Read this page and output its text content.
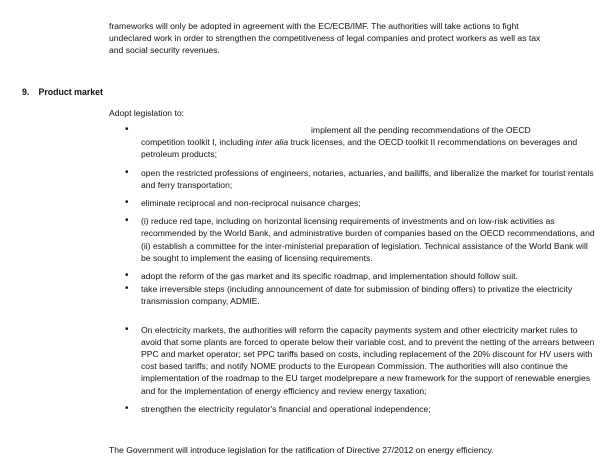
frameworks will only be adopted in agreement with the EC/ECB/IMF. The authorities will take actions to fight

undeclared work in order to strengthen the competitiveness of legal companies and protect workers as well as tax

and social security revenues.

9. Product market
Adopt legislation to:
•	implement all the pending recommendations of the OECD
competition toolkit I, including inter alia truck licenses, and the OECD toolkit II recommendations on beverages and petroleum products;
• open the restricted professions of engineers, notaries, actuaries, and bailiffs, and liberalize the market for tourist rentals and ferry transportation;
• eliminate reciprocal and non-reciprocal nuisance charges;
• (i) reduce red tape, including on horizontal licensing requirements of investments and on low-risk activities as recommended by the World Bank, and administrative burden of companies based on the OECD recommendations, and (ii) establish a committee for the inter-ministerial preparation of legislation. Technical assistance of the World Bank will be sought to implement the easing of licensing requirements.
• adopt the reform of the gas market and its specific roadmap, and implementation should follow suit.
• take irreversible steps (including announcement of date for submission of binding offers) to privatize the electricity transmission company, ADMIE.
• On electricity markets, the authorities will reform the capacity payments system and other electricity market rules to avoid that some plants are forced to operate below their variable cost, and to prevent the netting of the arrears between PPC and market operator; set PPC tariffs based on costs, including replacement of the 20% discount for HV users with cost based tariffs; and notify NOME products to the European Commission. The authorities will also continue the implementation of the roadmap to the EU target modelprepare a new framework for the support of renewable energies and for the implementation of energy efficiency and review energy taxation;
• strengthen the electricity regulator's financial and operational independence;
The Government will introduce legislation for the ratification of Directive 27/2012 on energy efficiency.
